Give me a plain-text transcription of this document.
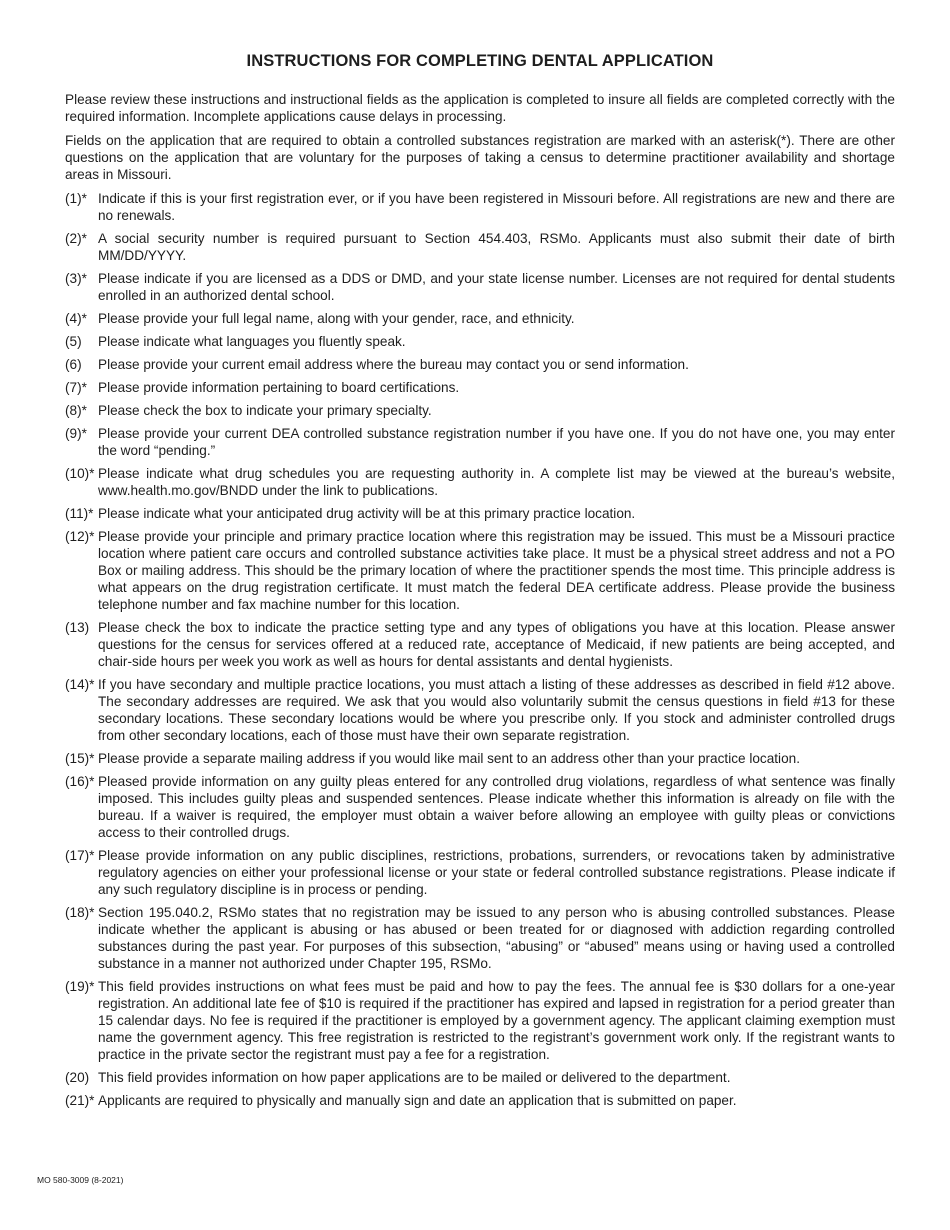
INSTRUCTIONS FOR COMPLETING DENTAL APPLICATION

Please review these instructions and instructional fields as the application is completed to insure all fields are completed correctly with the required information. Incomplete applications cause delays in processing.

Fields on the application that are required to obtain a controlled substances registration are marked with an asterisk(*). There are other questions on the application that are voluntary for the purposes of taking a census to determine practitioner availability and shortage areas in Missouri.

(1)* Indicate if this is your first registration ever, or if you have been registered in Missouri before. All registrations are new and there are no renewals.
(2)* A social security number is required pursuant to Section 454.403, RSMo. Applicants must also submit their date of birth MM/DD/YYYY.
(3)* Please indicate if you are licensed as a DDS or DMD, and your state license number. Licenses are not required for dental students enrolled in an authorized dental school.
(4)* Please provide your full legal name, along with your gender, race, and ethnicity.
(5)	Please indicate what languages you fluently speak.
(6)	Please provide your current email address where the bureau may contact you or send information.
(7)* Please provide information pertaining to board certifications.
(8)* Please check the box to indicate your primary specialty.
(9)* Please provide your current DEA controlled substance registration number if you have one. If you do not have one, you may enter the word “pending.”
(10)* Please indicate what drug schedules you are requesting authority in. A complete list may be viewed at the bureau’s website, www.health.mo.gov/BNDD under the link to publications.
(11)* Please indicate what your anticipated drug activity will be at this primary practice location.
(12)* Please provide your principle and primary practice location where this registration may be issued. This must be a Missouri practice location where patient care occurs and controlled substance activities take place. It must be a physical street address and not a PO Box or mailing address. This should be the primary location of where the practitioner spends the most time. This principle address is what appears on the drug registration certificate. It must match the federal DEA certificate address. Please provide the business telephone number and fax machine number for this location.
(13) Please check the box to indicate the practice setting type and any types of obligations you have at this location. Please answer questions for the census for services offered at a reduced rate, acceptance of Medicaid, if new patients are being accepted, and chair-side hours per week you work as well as hours for dental assistants and dental hygienists.
(14)* If you have secondary and multiple practice locations, you must attach a listing of these addresses as described in field #12 above. The secondary addresses are required. We ask that you would also voluntarily submit the census questions in field #13 for these secondary locations. These secondary locations would be where you prescribe only. If you stock and administer controlled drugs from other secondary locations, each of those must have their own separate registration.
(15)* Please provide a separate mailing address if you would like mail sent to an address other than your practice location.
(16)* Pleased provide information on any guilty pleas entered for any controlled drug violations, regardless of what sentence was finally imposed. This includes guilty pleas and suspended sentences. Please indicate whether this information is already on file with the bureau. If a waiver is required, the employer must obtain a waiver before allowing an employee with guilty pleas or convictions access to their controlled drugs.
(17)* Please provide information on any public disciplines, restrictions, probations, surrenders, or revocations taken by administrative regulatory agencies on either your professional license or your state or federal controlled substance registrations. Please indicate if any such regulatory discipline is in process or pending.
(18)* Section 195.040.2, RSMo states that no registration may be issued to any person who is abusing controlled substances. Please indicate whether the applicant is abusing or has abused or been treated for or diagnosed with addiction regarding controlled substances during the past year. For purposes of this subsection, “abusing” or “abused” means using or having used a controlled substance in a manner not authorized under Chapter 195, RSMo.
(19)* This field provides instructions on what fees must be paid and how to pay the fees. The annual fee is $30 dollars for a one-year registration. An additional late fee of $10 is required if the practitioner has expired and lapsed in registration for a period greater than 15 calendar days. No fee is required if the practitioner is employed by a government agency. The applicant claiming exemption must name the government agency. This free registration is restricted to the registrant’s government work only. If the registrant wants to practice in the private sector the registrant must pay a fee for a registration.
(20) This field provides information on how paper applications are to be mailed or delivered to the department.
(21)* Applicants are required to physically and manually sign and date an application that is submitted on paper.
MO 580-3009 (8-2021)
